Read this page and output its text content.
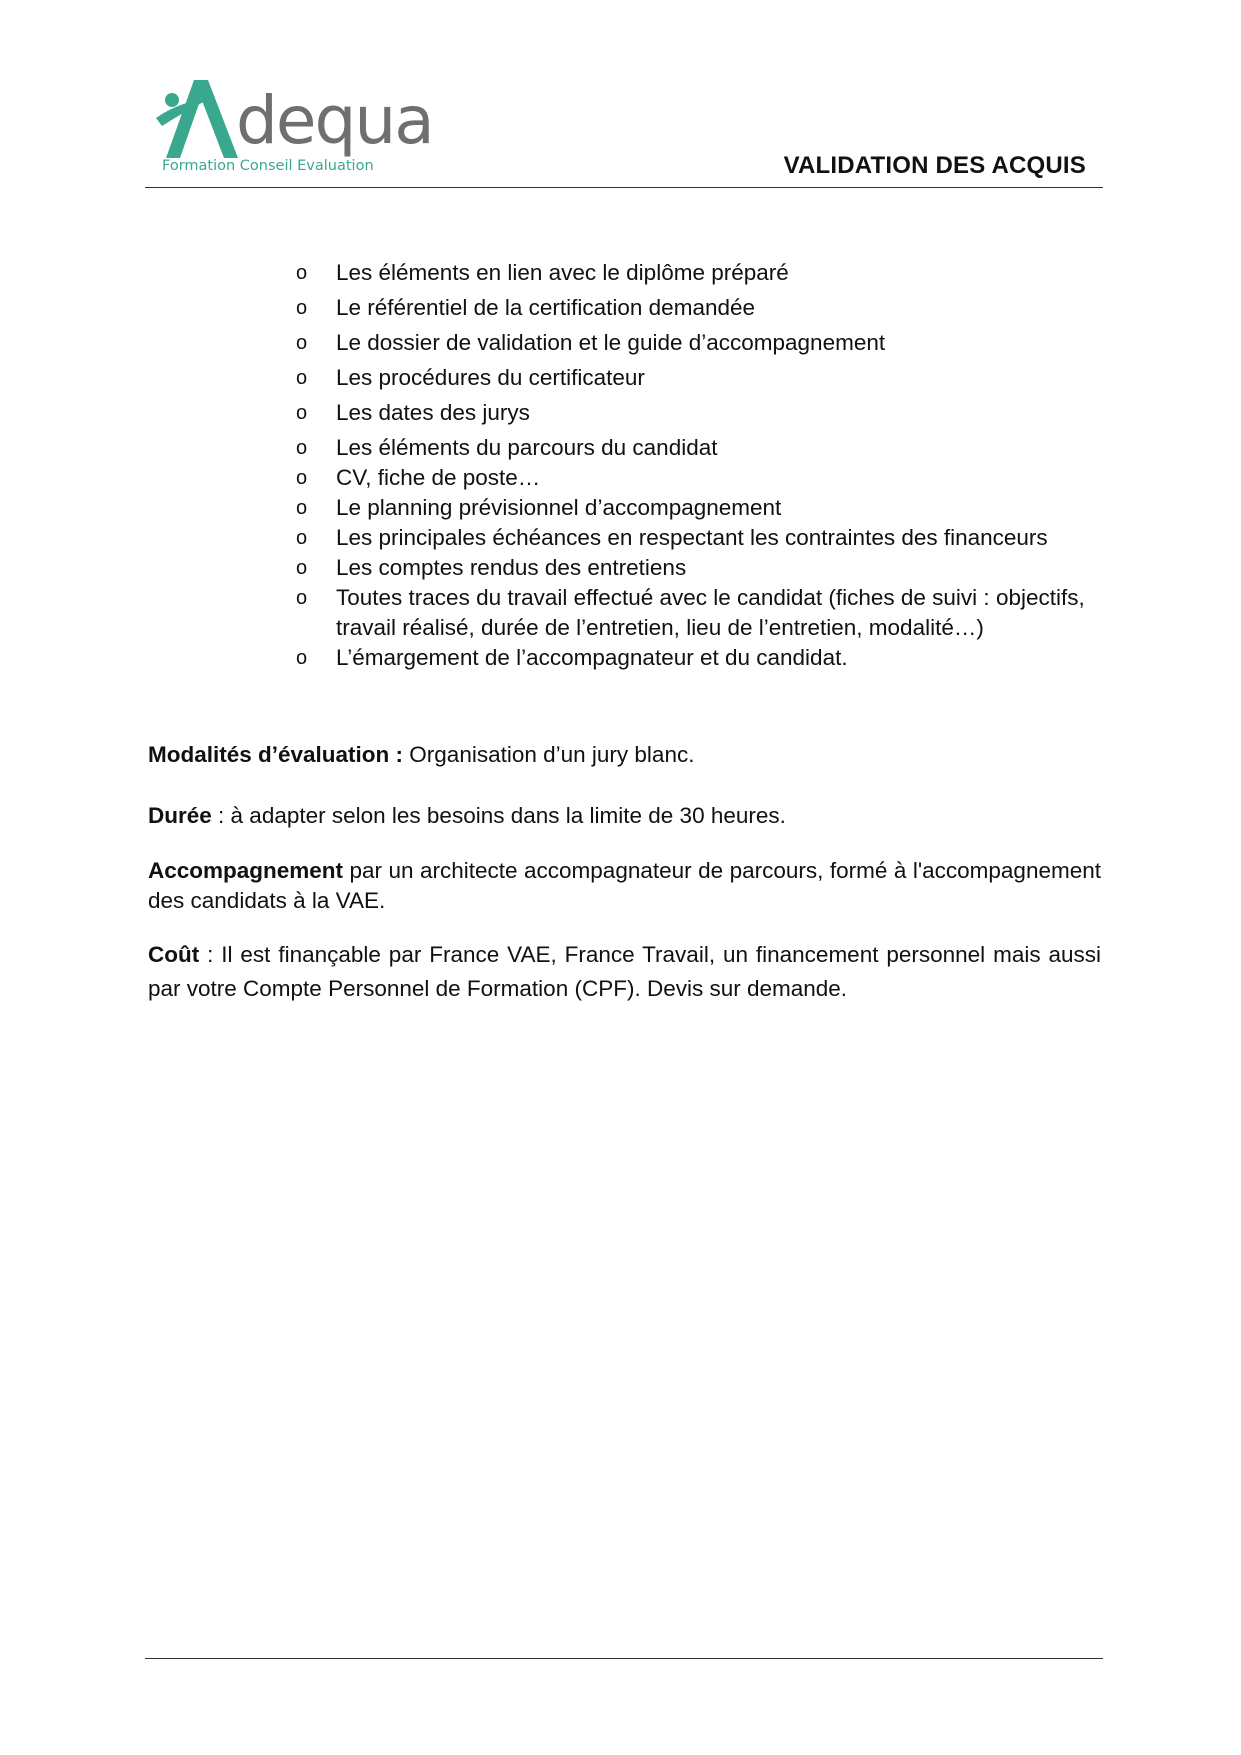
dequa
Formation Conseil Evaluation	VALIDATION DES ACQUIS
o Les éléments en lien avec le diplôme préparé
o Le référentiel de la certification demandée
o Le dossier de validation et le guide d’accompagnement
o Les procédures du certificateur
o Les dates des jurys
o Les éléments du parcours du candidat
o CV, fiche de poste…
o Le planning prévisionnel d’accompagnement
o Les principales échéances en respectant les contraintes des financeurs
o Les comptes rendus des entretiens
o Toutes traces du travail effectué avec le candidat (fiches de suivi : objectifs, travail réalisé, durée de l’entretien, lieu de l’entretien, modalité…)
o L’émargement de l’accompagnateur et du candidat.

Modalités d’évaluation : Organisation d’un jury blanc.

Durée : à adapter selon les besoins dans la limite de 30 heures.

Accompagnement par un architecte accompagnateur de parcours, formé à l'accompagnement des candidats à la VAE.

Coût : Il est finançable par France VAE, France Travail, un financement personnel mais aussi par votre Compte Personnel de Formation (CPF). Devis sur demande.
